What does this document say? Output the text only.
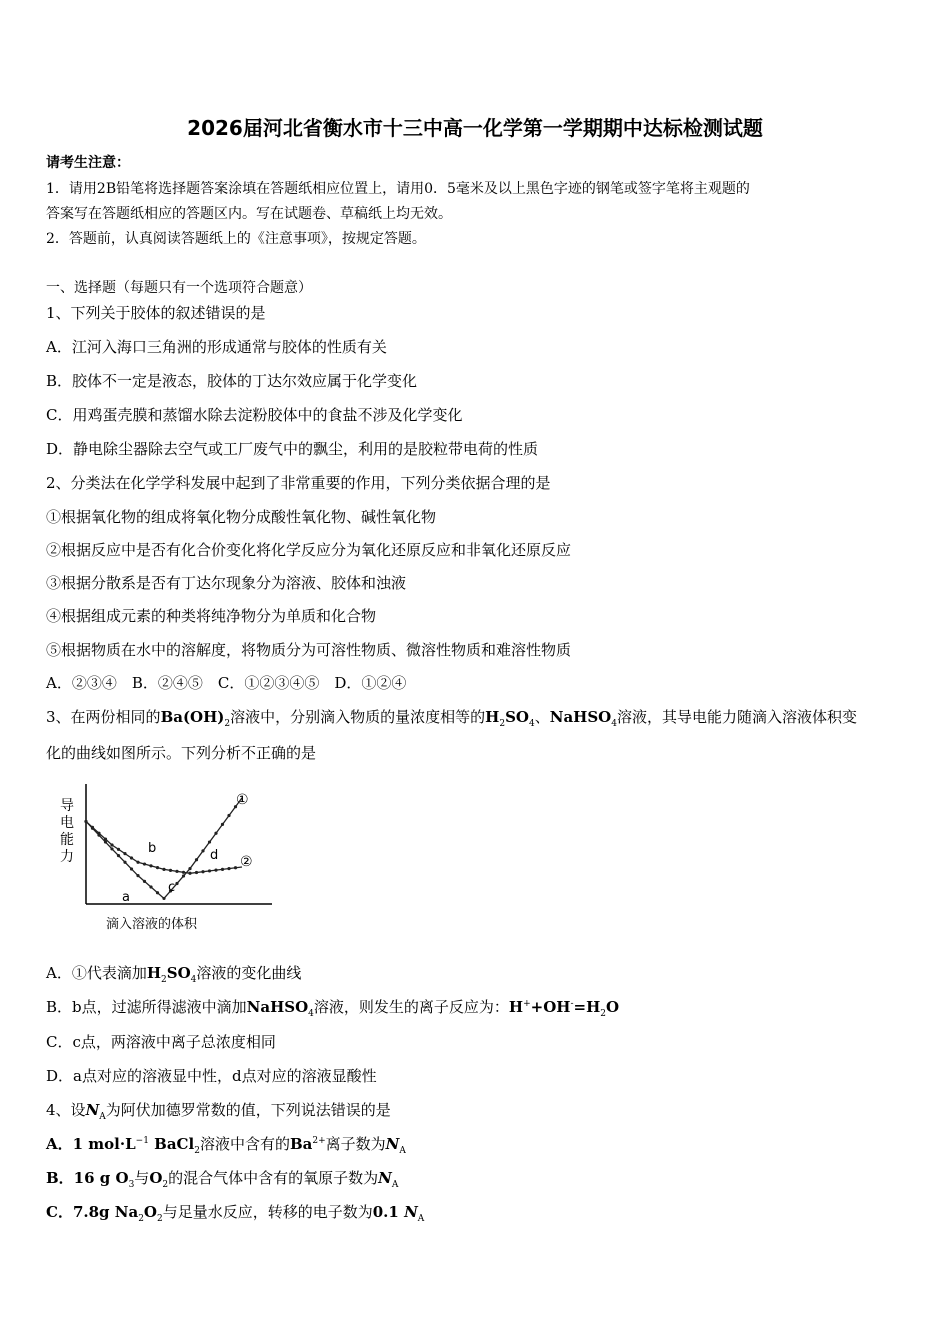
2026届河北省衡水市十三中高一化学第一学期期中达标检测试题
请考生注意：
1．请用2B铅笔将选择题答案涂填在答题纸相应位置上，请用0．5毫米及以上黑色字迹的钢笔或签字笔将主观题的
答案写在答题纸相应的答题区内。写在试题卷、草稿纸上均无效。
2．答题前，认真阅读答题纸上的《注意事项》，按规定答题。
一、选择题（每题只有一个选项符合题意）
1、下列关于胶体的叙述错误的是
A．江河入海口三角洲的形成通常与胶体的性质有关
B．胶体不一定是液态，胶体的丁达尔效应属于化学变化
C．用鸡蛋壳膜和蒸馏水除去淀粉胶体中的食盐不涉及化学变化
D．静电除尘器除去空气或工厂废气中的飘尘，利用的是胶粒带电荷的性质
2、分类法在化学学科发展中起到了非常重要的作用，下列分类依据合理的是
①根据氧化物的组成将氧化物分成酸性氧化物、碱性氧化物
②根据反应中是否有化合价变化将化学反应分为氧化还原反应和非氧化还原反应
③根据分散系是否有丁达尔现象分为溶液、胶体和浊液
④根据组成元素的种类将纯净物分为单质和化合物
⑤根据物质在水中的溶解度，将物质分为可溶性物质、微溶性物质和难溶性物质
A．②③④　B．②④⑤　C．①②③④⑤　D．①②④
3、在两份相同的$Ba(OH)_2$溶液中，分别滴入物质的量浓度相等的$H_2SO_4$、NaHSO$_4$溶液，其导电能力随滴入溶液体积变
化的曲线如图所示。下列分析不正确的是
导
电
能
力
①
②
a
b
c
d
滴入溶液的体积
A．①代表滴加$H_2SO_4$溶液的变化曲线
B．b点，过滤所得滤液中滴加NaHSO$_4$溶液，则发生的离子反应为：$H^++OH^-=H_2O$
C．c点，两溶液中离子总浓度相同
D．a点对应的溶液显中性，d点对应的溶液显酸性
4、设$N_A$为阿伏加德罗常数的值，下列说法错误的是
A．1 $mol\cdot L^{-1}$ BaCl$_2$溶液中含有的$Ba^{2+}$离子数为$N_A$
B．16 g $O_3$与$O_2$的混合气体中含有的氧原子数为$N_A$
C．7.8g $Na_2O_2$与足量水反应，转移的电子数为0.1 $N_A$
